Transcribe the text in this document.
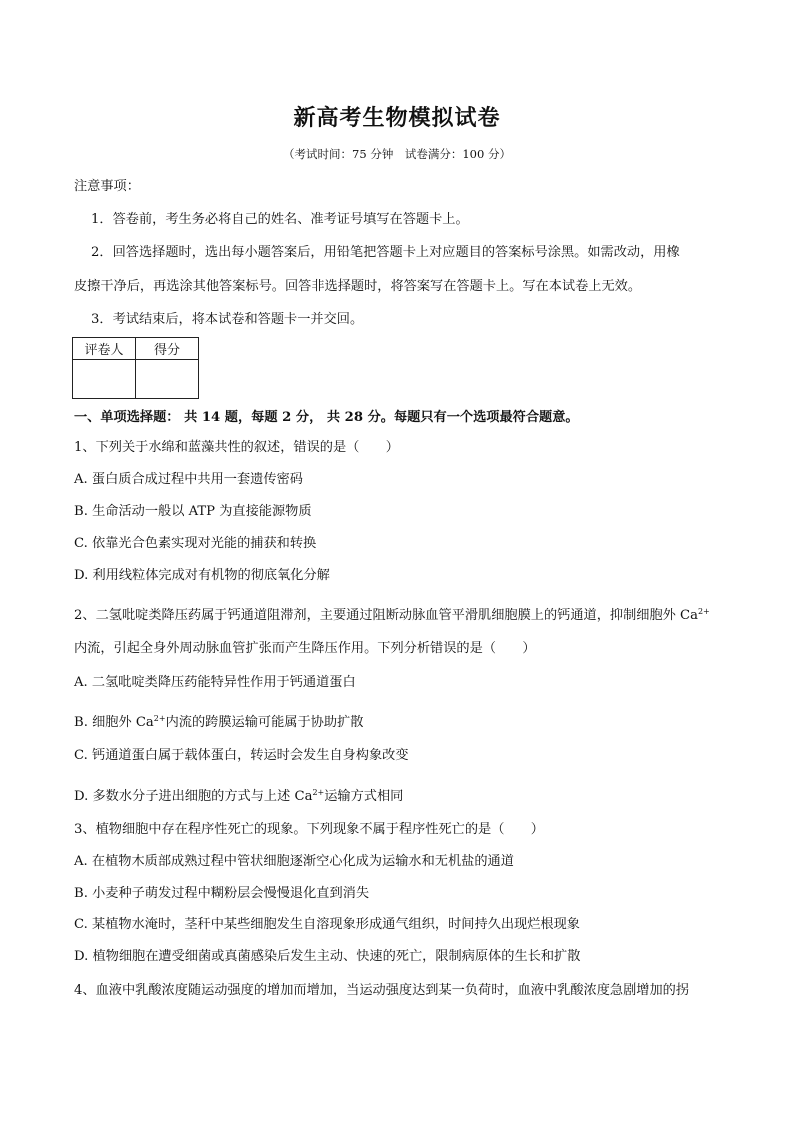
新高考生物模拟试卷
（考试时间：75 分钟　试卷满分：100 分）
注意事项：
1．答卷前，考生务必将自己的姓名、准考证号填写在答题卡上。
2．回答选择题时，选出每小题答案后，用铅笔把答题卡上对应题目的答案标号涂黑。如需改动，用橡
皮擦干净后，再选涂其他答案标号。回答非选择题时，将答案写在答题卡上。写在本试卷上无效。
3．考试结束后，将本试卷和答题卡一并交回。
评卷人	得分

一、单项选择题： 共 14 题，每题 2 分， 共 28 分。每题只有一个选项最符合题意。
1、下列关于水绵和蓝藻共性的叙述，错误的是（　　）
A. 蛋白质合成过程中共用一套遗传密码
B. 生命活动一般以 ATP 为直接能源物质
C. 依靠光合色素实现对光能的捕获和转换
D. 利用线粒体完成对有机物的彻底氧化分解
2、二氢吡啶类降压药属于钙通道阻滞剂，主要通过阻断动脉血管平滑肌细胞膜上的钙通道，抑制细胞外 $Ca^{2+}$
内流，引起全身外周动脉血管扩张而产生降压作用。下列分析错误的是（　　）
A. 二氢吡啶类降压药能特异性作用于钙通道蛋白
B. 细胞外 $Ca^{2+}$内流的跨膜运输可能属于协助扩散
C. 钙通道蛋白属于载体蛋白，转运时会发生自身构象改变
D. 多数水分子进出细胞的方式与上述 $Ca^{2+}$运输方式相同
3、植物细胞中存在程序性死亡的现象。下列现象不属于程序性死亡的是（　　）
A. 在植物木质部成熟过程中管状细胞逐渐空心化成为运输水和无机盐的通道
B. 小麦种子萌发过程中糊粉层会慢慢退化直到消失
C. 某植物水淹时，茎秆中某些细胞发生自溶现象形成通气组织，时间持久出现烂根现象
D. 植物细胞在遭受细菌或真菌感染后发生主动、快速的死亡，限制病原体的生长和扩散
4、血液中乳酸浓度随运动强度的增加而增加，当运动强度达到某一负荷时，血液中乳酸浓度急剧增加的拐
